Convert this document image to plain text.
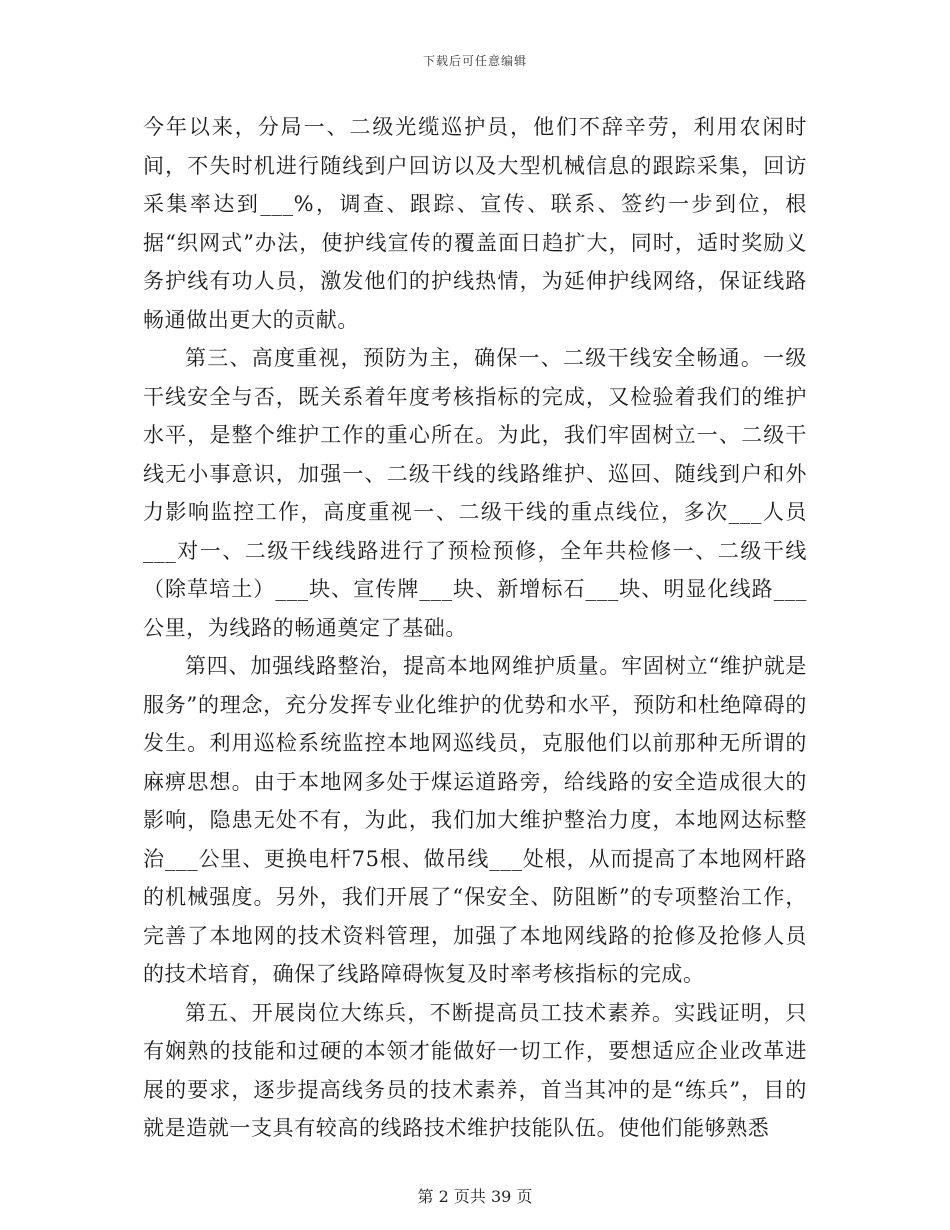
下载后可任意编辑

今年以来，分局一、二级光缆巡护员，他们不辞辛劳，利用农闲时间，不失时机进行随线到户回访以及大型机械信息的跟踪采集，回访采集率达到___%，调查、跟踪、宣传、联系、签约一步到位，根据“织网式”办法，使护线宣传的覆盖面日趋扩大，同时，适时奖励义务护线有功人员，激发他们的护线热情，为延伸护线网络，保证线路畅通做出更大的贡献。

第三、高度重视，预防为主，确保一、二级干线安全畅通。一级干线安全与否，既关系着年度考核指标的完成，又检验着我们的维护水平，是整个维护工作的重心所在。为此，我们牢固树立一、二级干线无小事意识，加强一、二级干线的线路维护、巡回、随线到户和外力影响监控工作，高度重视一、二级干线的重点线位，多次___人员___对一、二级干线线路进行了预检预修，全年共检修一、二级干线（除草培土）___块、宣传牌___块、新增标石___块、明显化线路___公里，为线路的畅通奠定了基础。

第四、加强线路整治，提高本地网维护质量。牢固树立“维护就是服务”的理念，充分发挥专业化维护的优势和水平，预防和杜绝障碍的发生。利用巡检系统监控本地网巡线员，克服他们以前那种无所谓的麻痹思想。由于本地网多处于煤运道路旁，给线路的安全造成很大的影响，隐患无处不有，为此，我们加大维护整治力度，本地网达标整治___公里、更换电杆75根、做吊线___处根，从而提高了本地网杆路的机械强度。另外，我们开展了“保安全、防阻断”的专项整治工作，完善了本地网的技术资料管理，加强了本地网线路的抢修及抢修人员的技术培育，确保了线路障碍恢复及时率考核指标的完成。

第五、开展岗位大练兵，不断提高员工技术素养。实践证明，只有娴熟的技能和过硬的本领才能做好一切工作，要想适应企业改革进展的要求，逐步提高线务员的技术素养，首当其冲的是“练兵”，目的就是造就一支具有较高的线路技术维护技能队伍。使他们能够熟悉

第 2 页共 39 页
